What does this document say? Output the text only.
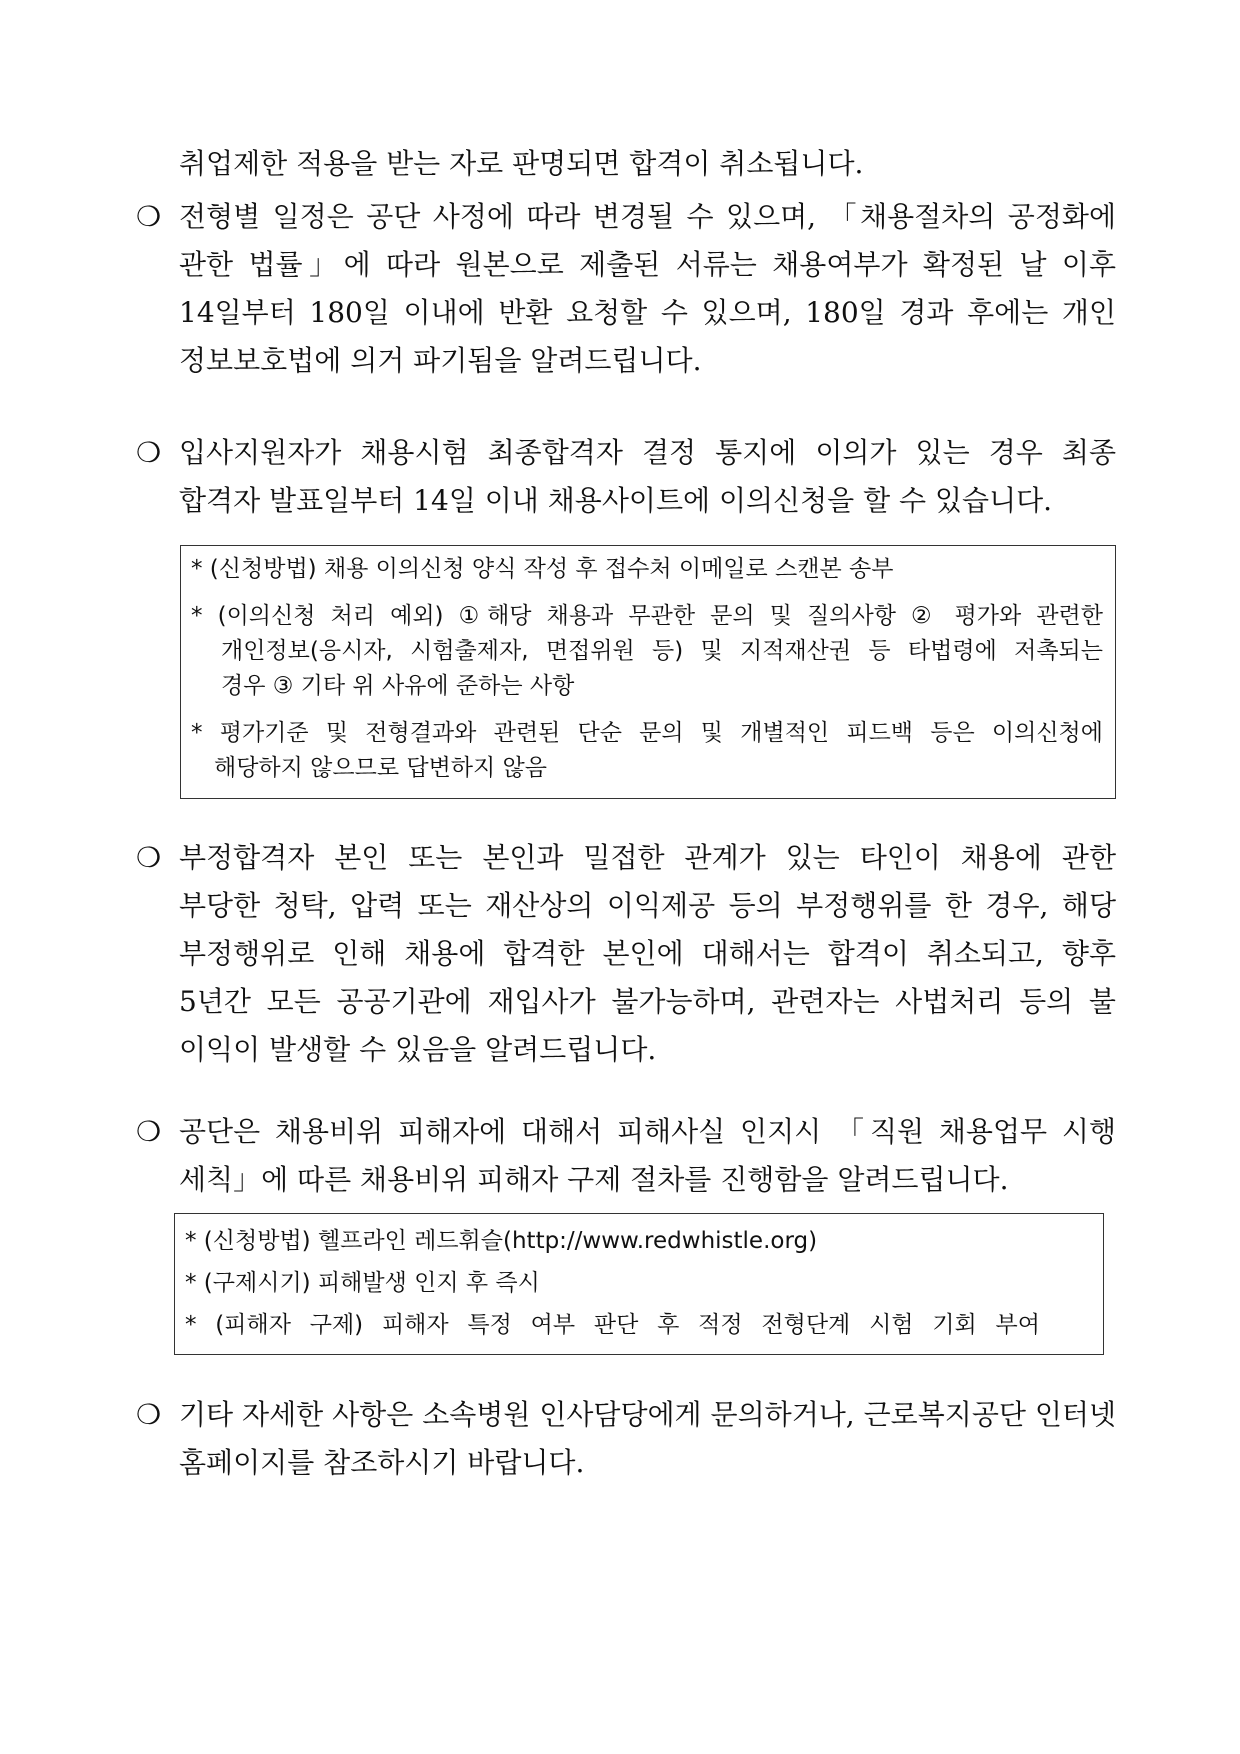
취업제한 적용을 받는 자로 판명되면 합격이 취소됩니다.
❍ 전형별 일정은 공단 사정에 따라 변경될 수 있으며, 「채용절차의 공정화에
관한 법률」에 따라 원본으로 제출된 서류는 채용여부가 확정된 날 이후
14일부터 180일 이내에 반환 요청할 수 있으며, 180일 경과 후에는 개인
정보보호법에 의거 파기됨을 알려드립니다.
❍ 입사지원자가 채용시험 최종합격자 결정 통지에 이의가 있는 경우 최종
합격자 발표일부터 14일 이내 채용사이트에 이의신청을 할 수 있습니다.
* (신청방법) 채용 이의신청 양식 작성 후 접수처 이메일로 스캔본 송부
* (이의신청 처리 예외) ①해당 채용과 무관한 문의 및 질의사항 ② 평가와 관련한
개인정보(응시자, 시험출제자, 면접위원 등) 및 지적재산권 등 타법령에 저촉되는
경우 ③ 기타 위 사유에 준하는 사항
* 평가기준 및 전형결과와 관련된 단순 문의 및 개별적인 피드백 등은 이의신청에
해당하지 않으므로 답변하지 않음
❍ 부정합격자 본인 또는 본인과 밀접한 관계가 있는 타인이 채용에 관한
부당한 청탁, 압력 또는 재산상의 이익제공 등의 부정행위를 한 경우, 해당
부정행위로 인해 채용에 합격한 본인에 대해서는 합격이 취소되고, 향후
5년간 모든 공공기관에 재입사가 불가능하며, 관련자는 사법처리 등의 불
이익이 발생할 수 있음을 알려드립니다.
❍ 공단은 채용비위 피해자에 대해서 피해사실 인지시 「직원 채용업무 시행
세칙」에 따른 채용비위 피해자 구제 절차를 진행함을 알려드립니다.
* (신청방법) 헬프라인 레드휘슬(http://www.redwhistle.org)
* (구제시기) 피해발생 인지 후 즉시
* (피해자 구제) 피해자 특정 여부 판단 후 적정 전형단계 시험 기회 부여
❍ 기타 자세한 사항은 소속병원 인사담당에게 문의하거나, 근로복지공단 인터넷
홈페이지를 참조하시기 바랍니다.
